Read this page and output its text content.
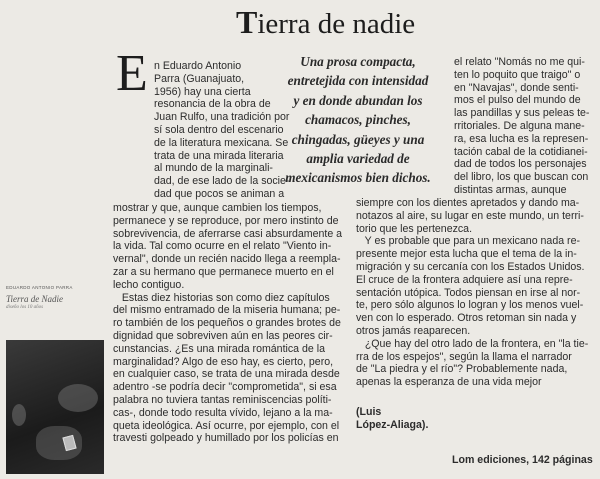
Tierra de nadie
E n Eduardo Antonio
Parra (Guanajuato,
1956) hay una cierta
resonancia de la obra de
Juan Rulfo, una tradición por
sí sola dentro del escenario
de la literatura mexicana. Se
trata de una mirada literaria
al mundo de la marginali-
dad, de ese lado de la socie-
dad que pocos se animan a
mostrar y que, aunque cambien los tiempos,
permanece y se reproduce, por mero instinto de
sobrevivencia, de aferrarse casi absurdamente a
la vida. Tal como ocurre en el relato "Viento in-
vernal", donde un recién nacido llega a reempla-
zar a su hermano que permanece muerto en el
lecho contiguo.
Estas diez historias son como diez capítulos
del mismo entramado de la miseria humana; pe-
ro también de los pequeños o grandes brotes de
dignidad que sobreviven aún en las peores cir-
cunstancias. ¿Es una mirada romántica de la
marginalidad? Algo de eso hay, es cierto, pero,
en cualquier caso, se trata de una mirada desde
adentro -se podría decir "comprometida", si esa
palabra no tuviera tantas reminiscencias políti-
cas-, donde todo resulta vívido, lejano a la ma-
queta ideológica. Así ocurre, por ejemplo, con el
travesti golpeado y humillado por los policías en
Una prosa compacta,
entretejida con intensidad
y en donde abundan los
chamacos, pinches,
chingadas, güeyes y una
amplia variedad de
mexicanismos bien dichos.
el relato "Nomás no me qui-
ten lo poquito que traigo" o
en "Navajas", donde senti-
mos el pulso del mundo de
las pandillas y sus peleas te-
rritoriales. De alguna mane-
ra, esa lucha es la represen-
tación cabal de la cotidianei-
dad de todos los personajes
del libro, los que buscan con
distintas armas, aunque
siempre con los dientes apretados y dando ma-
notazos al aire, su lugar en este mundo, un terri-
torio que les pertenezca.
Y es probable que para un mexicano nada re-
presente mejor esta lucha que el tema de la in-
migración y su cercanía con los Estados Unidos.
El cruce de la frontera adquiere así una repre-
sentación utópica. Todos piensan en irse al nor-
te, pero sólo algunos lo logran y los menos vuel-
ven con lo esperado. Otros retoman sin nada y
otros jamás reaparecen.
¿Que hay del otro lado de la frontera, en "la tie-
rra de los espejos", según la llama el narrador
de "La piedra y el río"? Probablemente nada,
apenas la esperanza de una vida mejor
(Luis
López-Aliaga).
EDUARDO ANTONIO PARRA
Tierra de Nadie
diseño los 10 años
Lom ediciones, 142 páginas
